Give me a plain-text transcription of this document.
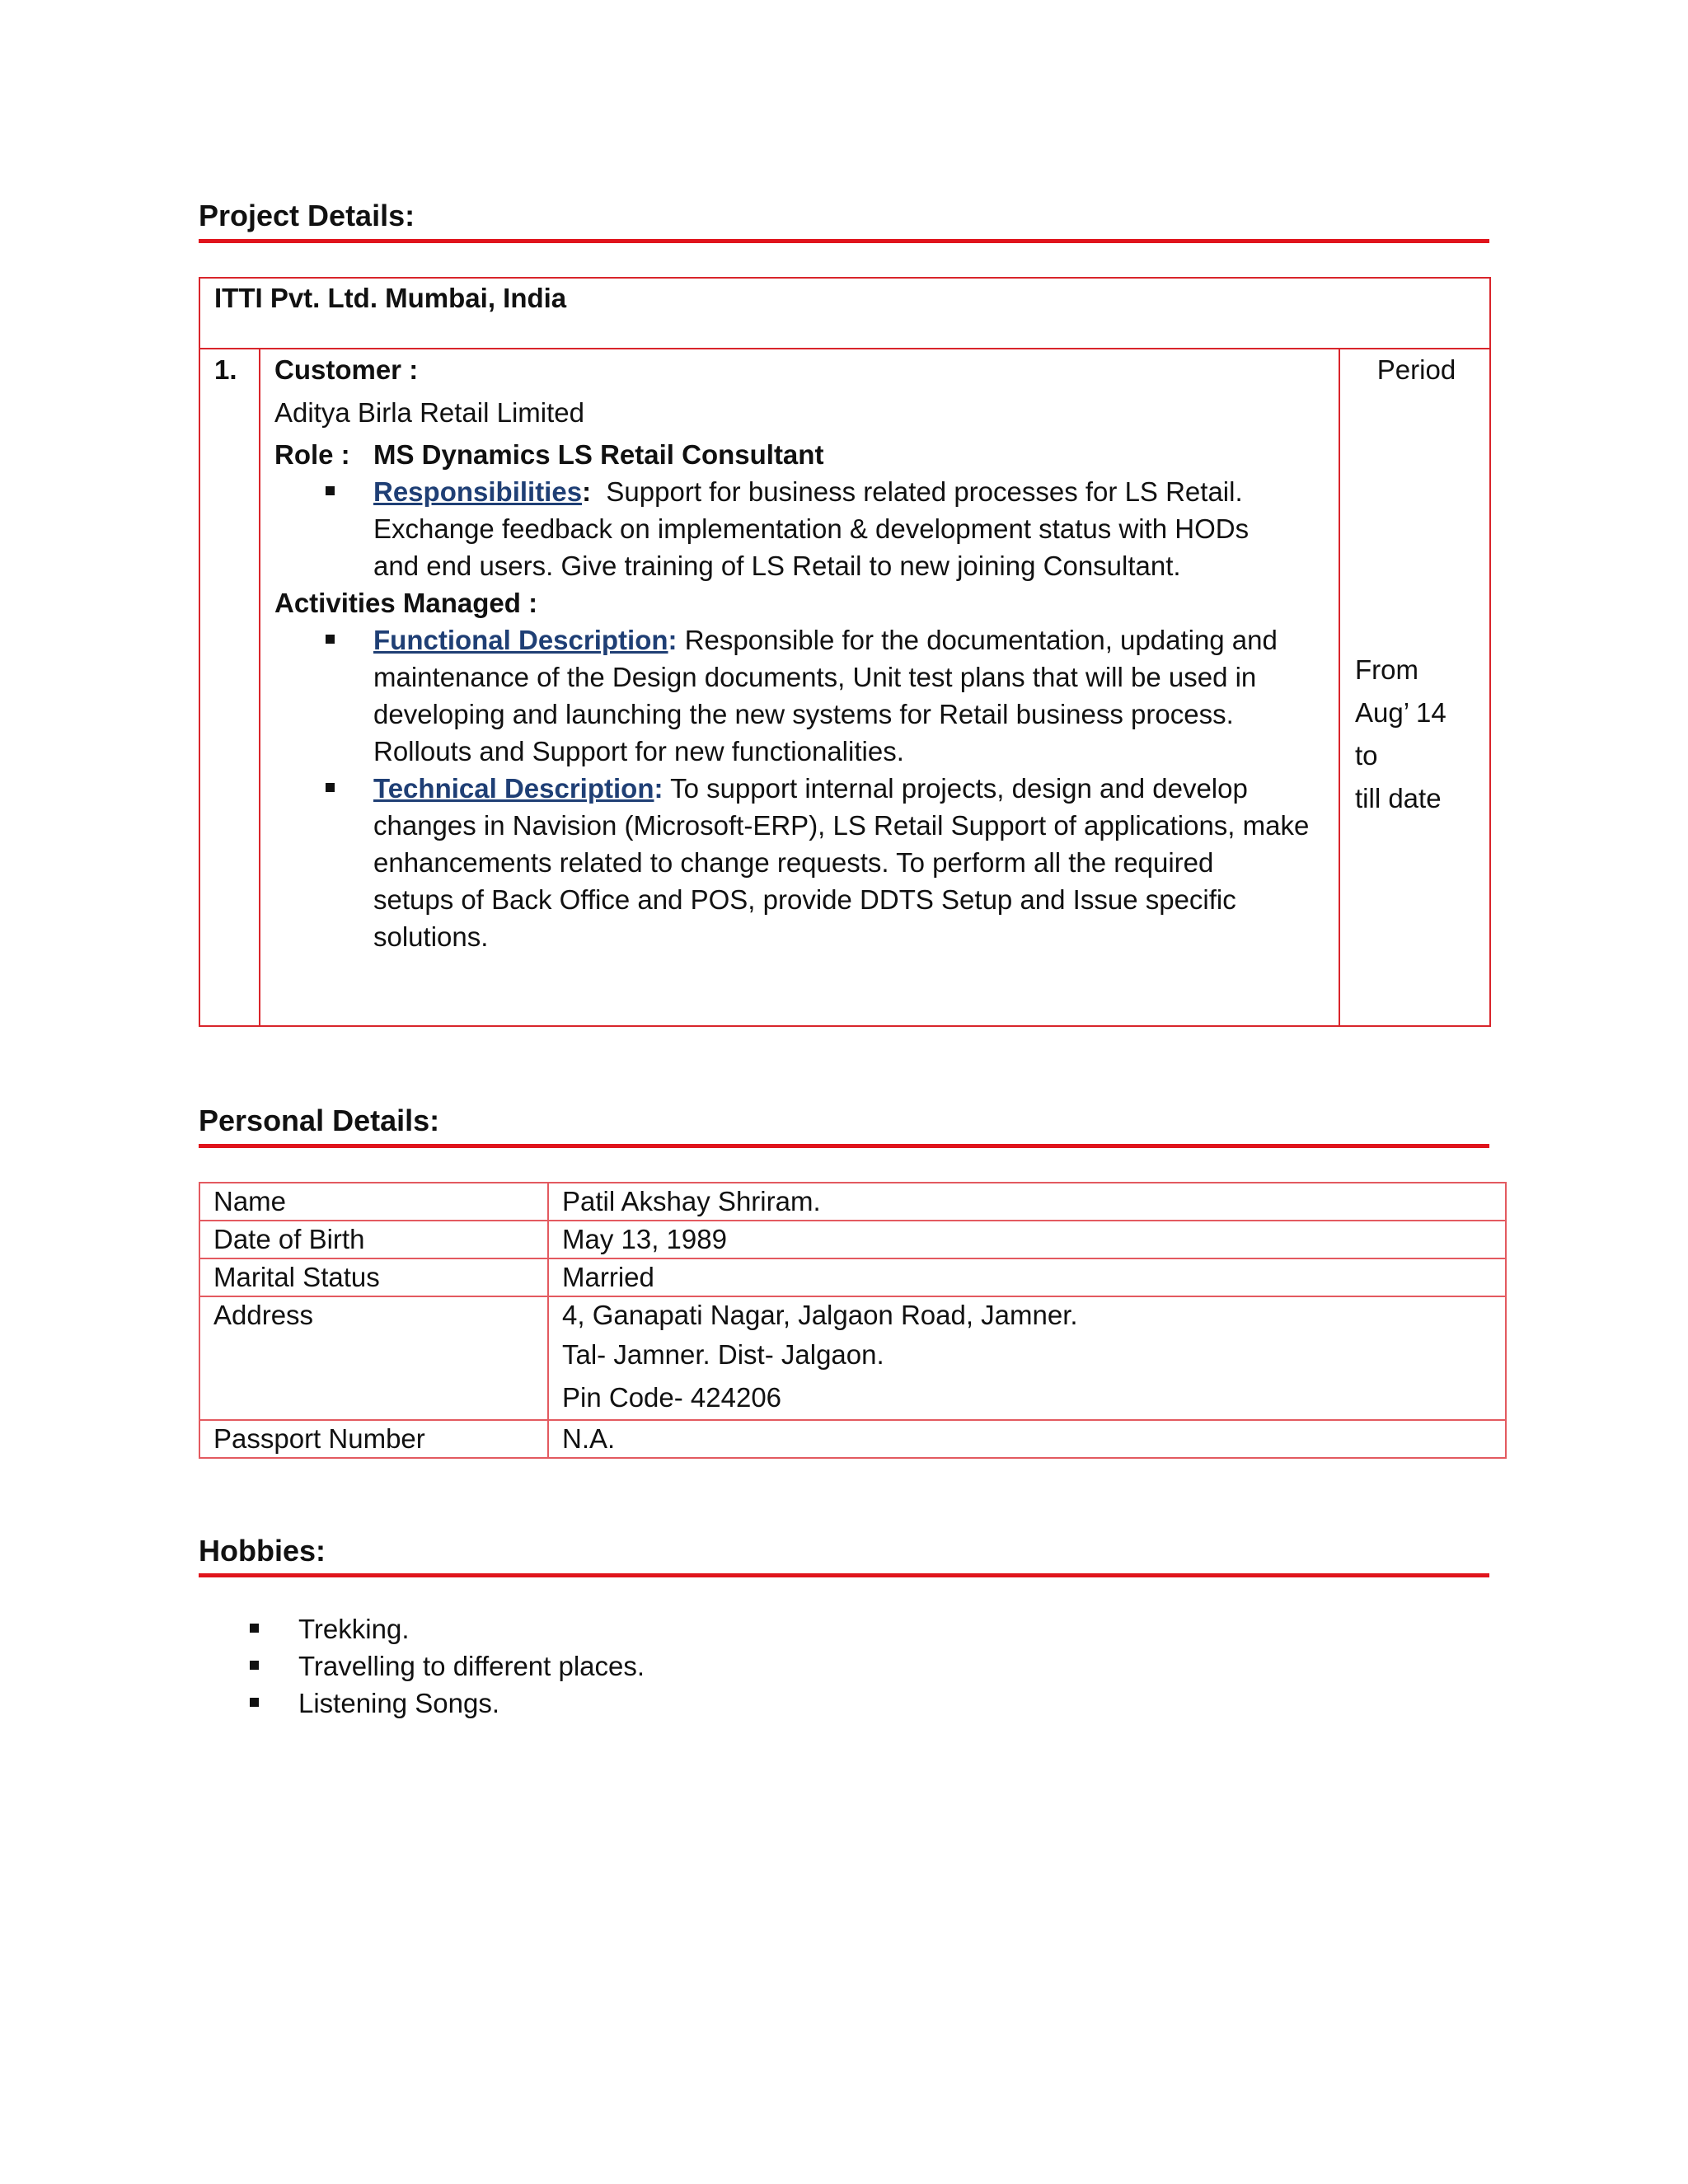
Project Details:
ITTI Pvt. Ltd. Mumbai, India
1. Customer :
Aditya Birla Retail Limited
Role : MS Dynamics LS Retail Consultant
Responsibilities: Support for business related processes for LS Retail.
Exchange feedback on implementation & development status with HODs
and end users. Give training of LS Retail to new joining Consultant.
Activities Managed :
Functional Description: Responsible for the documentation, updating and
maintenance of the Design documents, Unit test plans that will be used in
developing and launching the new systems for Retail business process.
Rollouts and Support for new functionalities.
Technical Description: To support internal projects, design and develop
changes in Navision (Microsoft-ERP), LS Retail Support of applications, make
enhancements related to change requests. To perform all the required
setups of Back Office and POS, provide DDTS Setup and Issue specific
solutions.
Period
From
Aug’ 14
to
till date
Personal Details:
Name	Patil Akshay Shriram.
Date of Birth	May 13, 1989
Marital Status	Married
Address	4, Ganapati Nagar, Jalgaon Road, Jamner.
Tal- Jamner. Dist- Jalgaon.
Pin Code- 424206

Passport Number	N.A.
Hobbies:
Trekking.
Travelling to different places.
Listening Songs.
